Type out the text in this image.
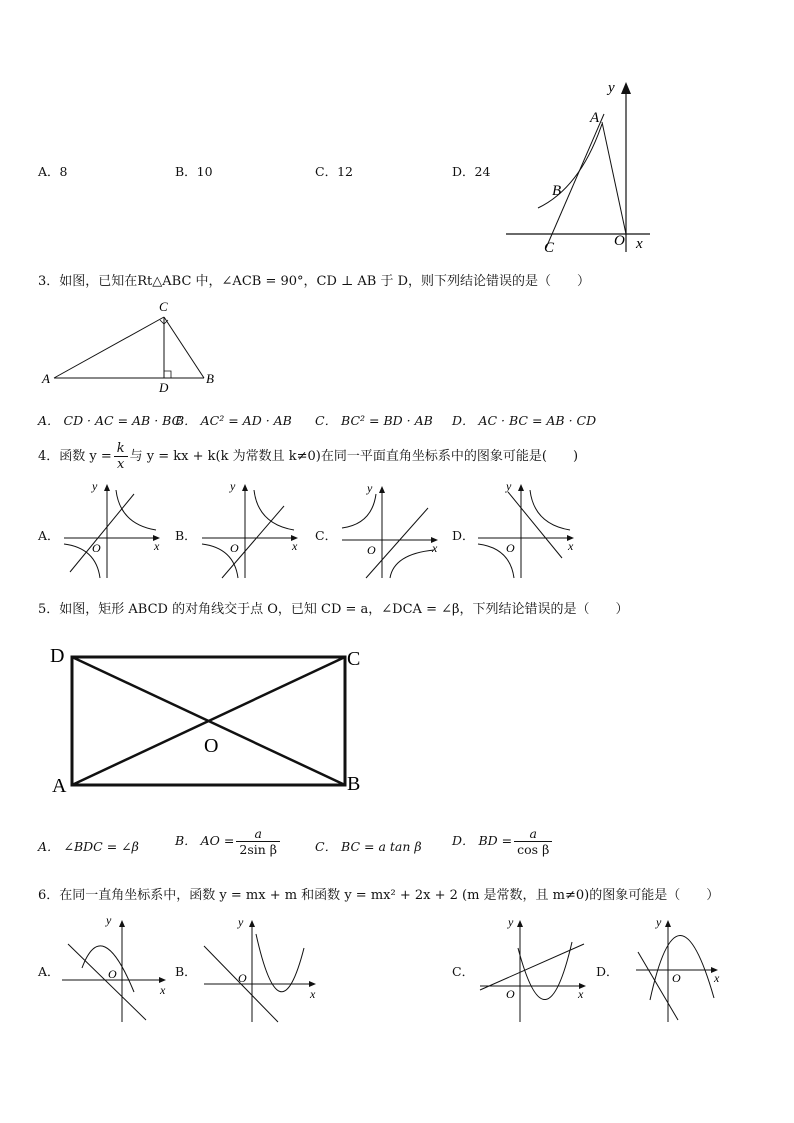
A．8	B．10	C．12	D．24
y
A
B
C	O x
3．如图，已知在Rt△ABC 中，∠ACB = 90°，CD ⊥ AB 于 D，则下列结论错误的是（　　）
A	B
C
D
A． CD · AC = AB · BC
B． AC² = AD · AB C． BC² = BD · AB D． AC · BC = AB · CD
4．函数 $y = \frac{k}{x}$ 与 y = kx + k(k 为常数且 k≠0)在同一平面直角坐标系中的图象可能是(　　)
A．	B．	C．	D．
y
O	x
y
O	x
y
O	x
y
O	x
5．如图，矩形 ABCD 的对角线交于点 O，已知 CD = a，∠DCA = ∠β，下列结论错误的是（　　）
D	C
A	B
O
A． ∠BDC = ∠β	B． AO = $\frac{a}{\text{2sin β}}$	C． BC = a tan β D． BD = $\frac{a}{\text{cos β}}$
6．在同一直角坐标系中，函数 y = mx + m 和函数 y = mx² + 2x + 2 (m 是常数，且 m≠0)的图象可能是（　　）
A．	B．	C．	D．
y
O
x
y
O
x
y
O	x
y
O	x
